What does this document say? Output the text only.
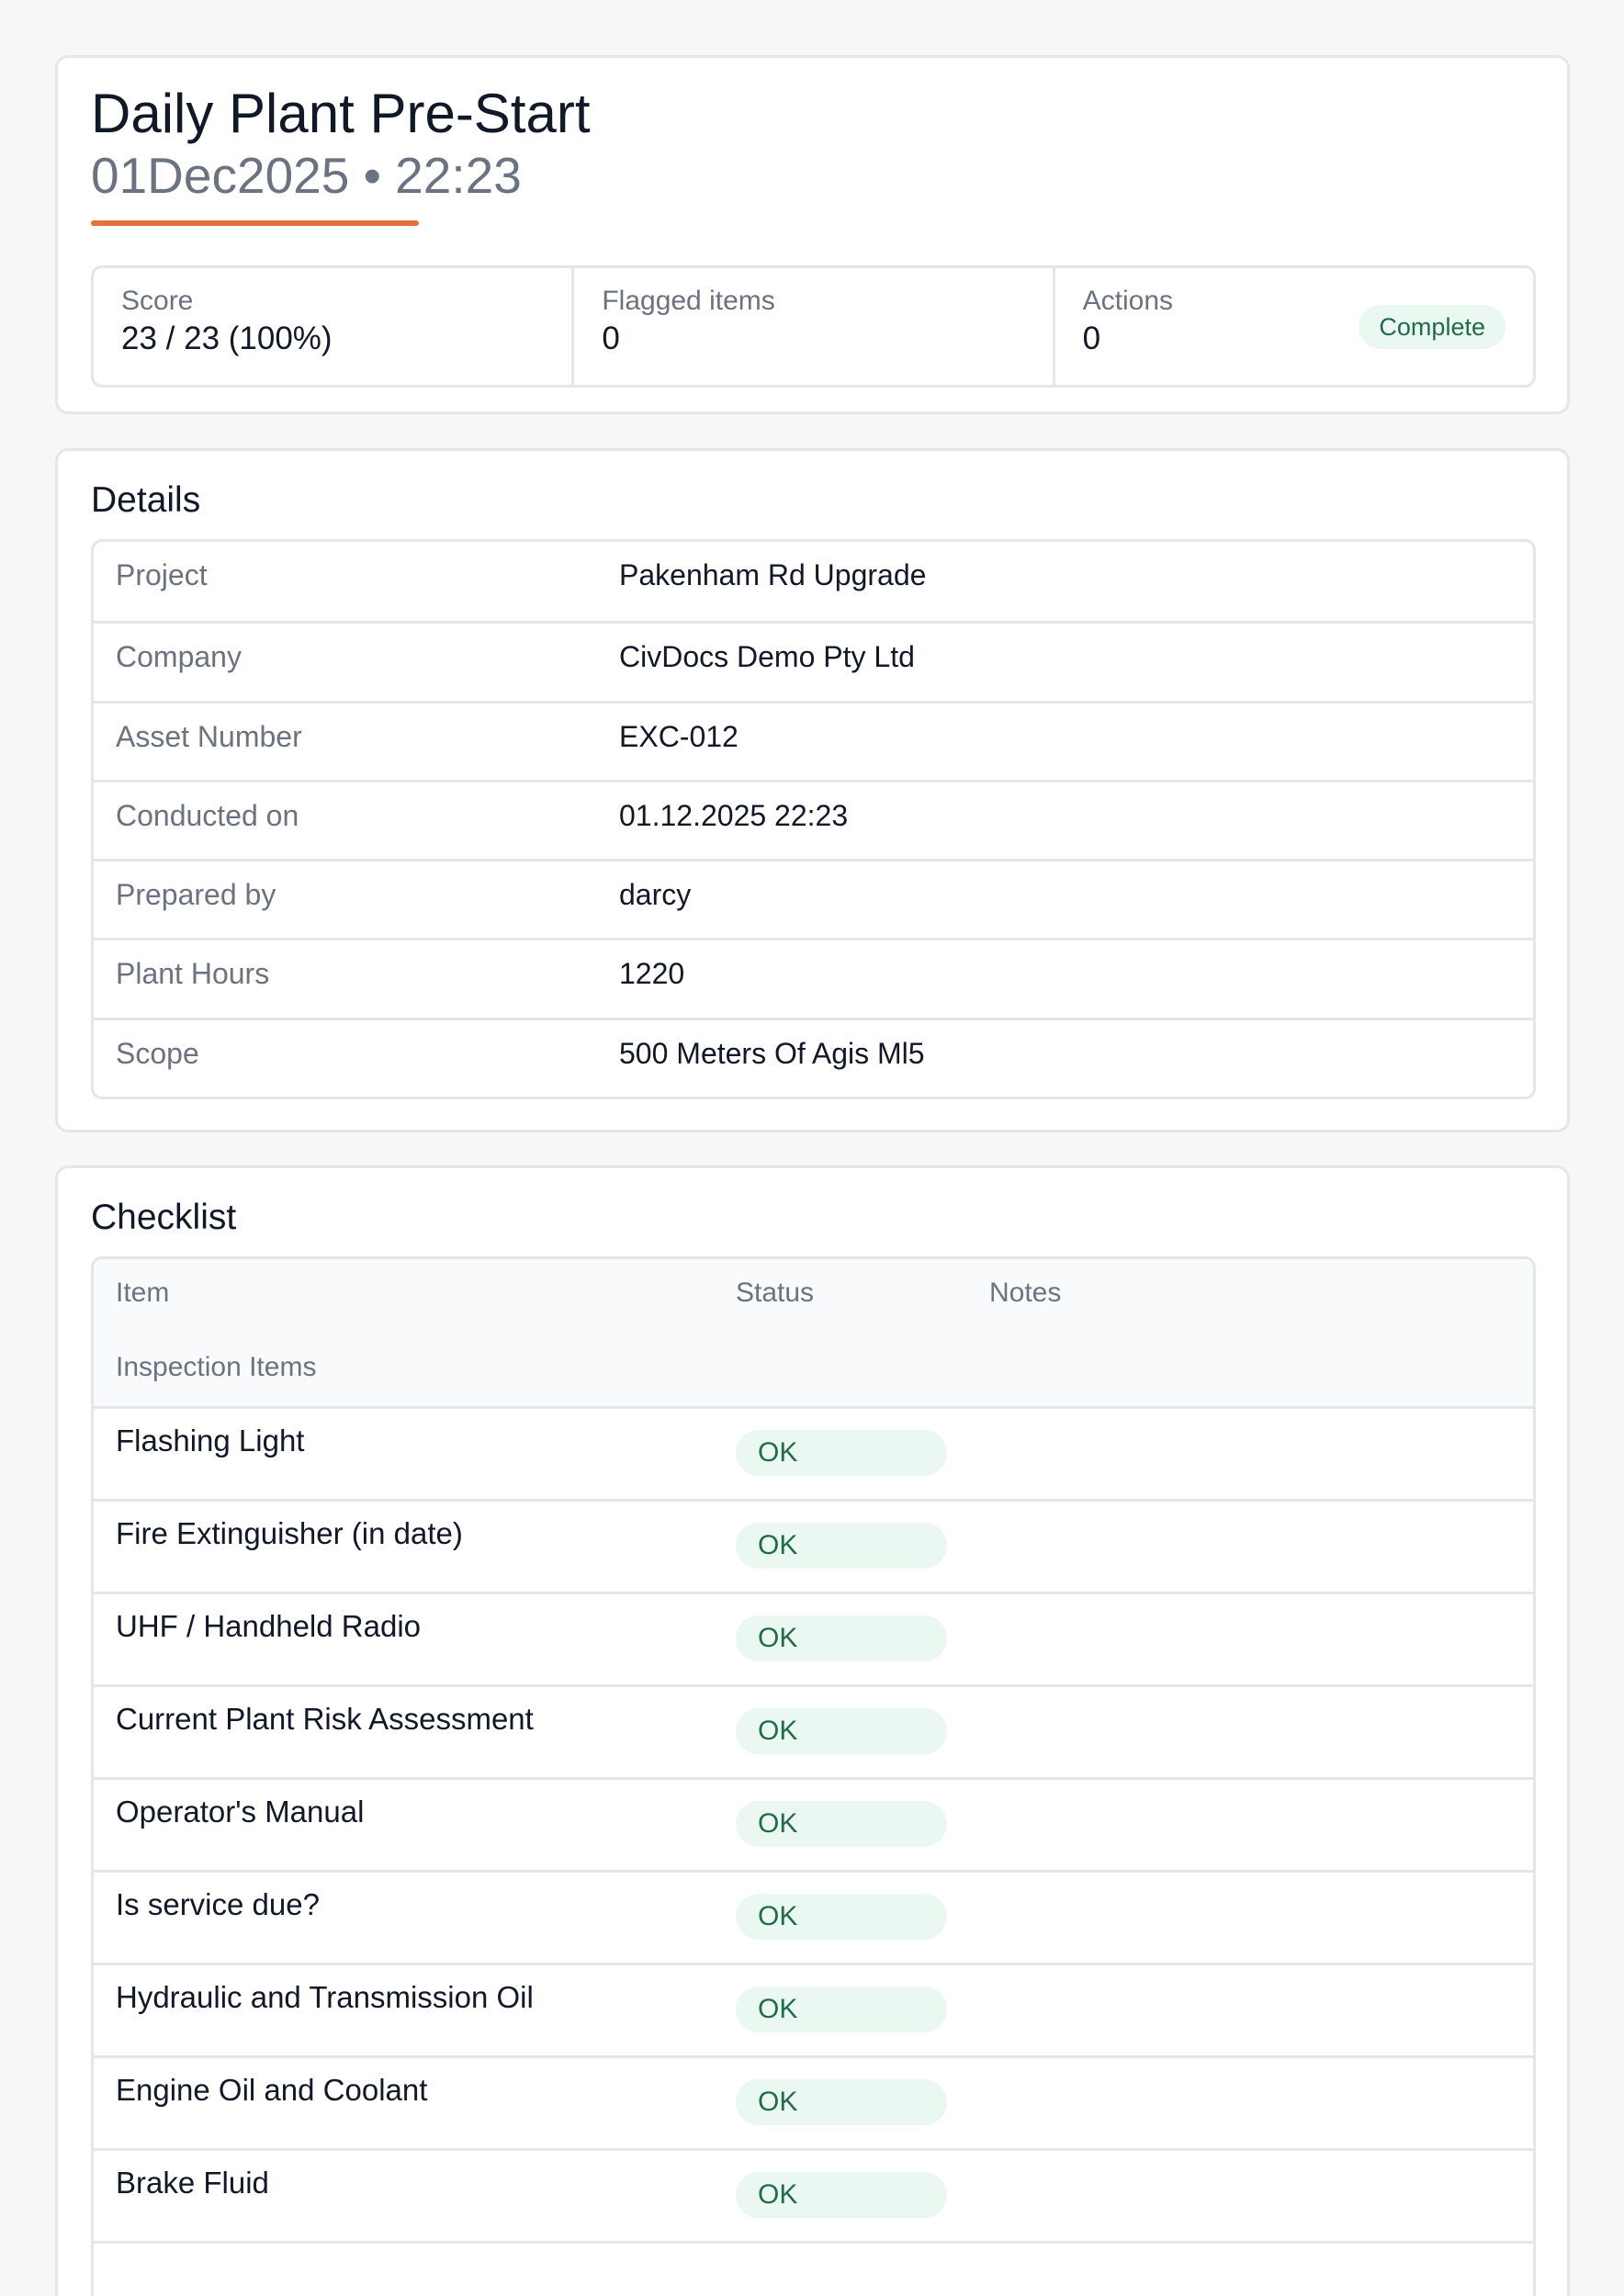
Daily Plant Pre-Start
01Dec2025 • 22:23
Score
23 / 23 (100%)
Flagged items
0
Actions
0	Complete
Details
Project	Pakenham Rd Upgrade
Company	CivDocs Demo Pty Ltd
Asset Number	EXC-012
Conducted on	01.12.2025 22:23
Prepared by	darcy
Plant Hours	1220
Scope	500 Meters Of Agis Ml5
Checklist
Item	Status	Notes
Inspection Items
Flashing Light	OK
Fire Extinguisher (in date)	OK
UHF / Handheld Radio	OK
Current Plant Risk Assessment	OK
Operator's Manual	OK
Is service due?	OK
Hydraulic and Transmission Oil	OK
Engine Oil and Coolant	OK
Brake Fluid	OK
